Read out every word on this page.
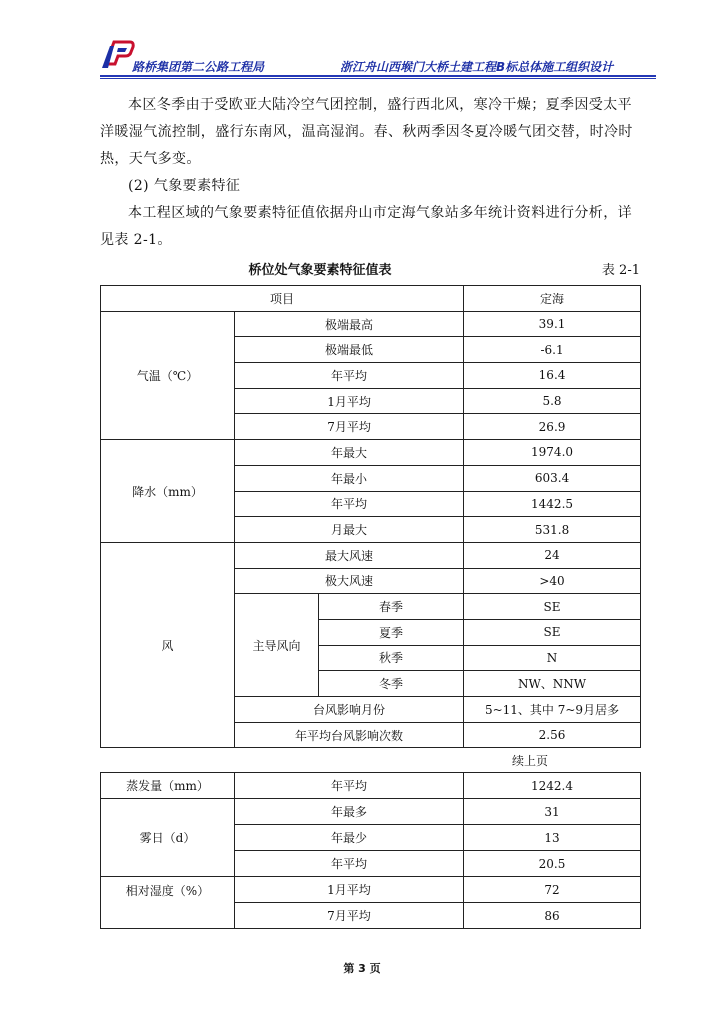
路桥集团第二公路工程局	浙江舟山西堠门大桥土建工程B标总体施工组织设计
本区冬季由于受欧亚大陆冷空气团控制，盛行西北风，寒冷干燥；夏季因受太平洋暖湿气流控制，盛行东南风，温高湿润。春、秋两季因冬夏冷暖气团交替，时冷时热，天气多变。
(2) 气象要素特征
本工程区域的气象要素特征值依据舟山市定海气象站多年统计资料进行分析，详见表 2-1。
桥位处气象要素特征值表	表 2-1
项目			定海
气温（℃）	极端最高		39.1
	极端最低		-6.1
	年平均		16.4
	1月平均		5.8
	7月平均		26.9
降水（mm）	年最大		1974.0
	年最小		603.4
	年平均		1442.5
	月最大		531.8
风	最大风速		24
	极大风速		>40
	主导风向	春季	SE
		夏季	SE
		秋季	N
		冬季	NW、NNW
	台风影响月份		5~11、其中 7~9月居多
	年平均台风影响次数		2.56
续上页
蒸发量（mm）	年平均	1242.4
雾日（d）	年最多	31
	年最少	13
	年平均	20.5
相对湿度（%）	1月平均	72
	7月平均	86
第 3 页
